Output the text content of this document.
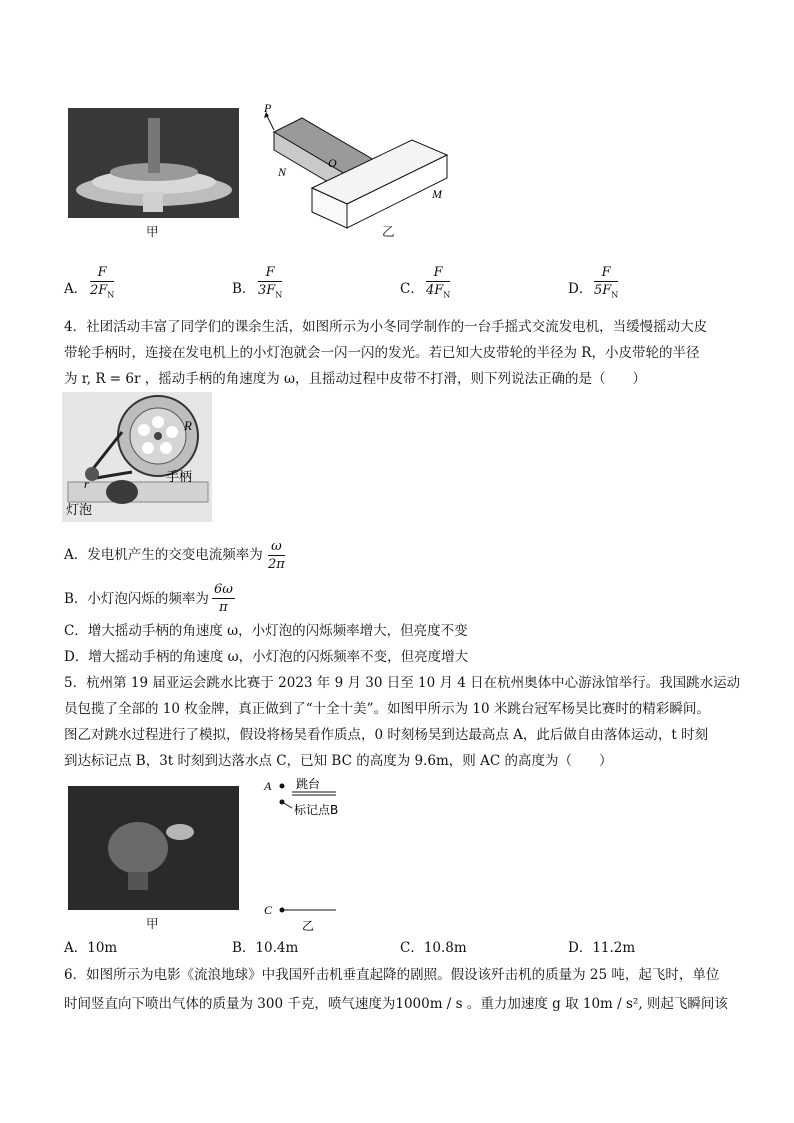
甲
P
O
N
M
乙
A． $\frac{F}{2F_N}$	B． $\frac{F}{3F_N}$	C． $\frac{F}{4F_N}$	D． $\frac{F}{5F_N}$
4．社团活动丰富了同学们的课余生活，如图所示为小冬同学制作的一台手摇式交流发电机，当缓慢摇动大皮
带轮手柄时，连接在发电机上的小灯泡就会一闪一闪的发光。若已知大皮带轮的半径为 R，小皮带轮的半径
为 r, R = 6r ，摇动手柄的角速度为 ω，且摇动过程中皮带不打滑，则下列说法正确的是（　　）
R
手柄
r
灯泡
A．发电机产生的交变电流频率为 $\frac{\omega}{2\pi}$
B．小灯泡闪烁的频率为 $\frac{6\omega}{\pi}$
C．增大摇动手柄的角速度 ω，小灯泡的闪烁频率增大，但亮度不变
D．增大摇动手柄的角速度 ω，小灯泡的闪烁频率不变，但亮度增大
5．杭州第 19 届亚运会跳水比赛于 2023 年 9 月 30 日至 10 月 4 日在杭州奥体中心游泳馆举行。我国跳水运动
员包揽了全部的 10 枚金牌，真正做到了“十全十美”。如图甲所示为 10 米跳台冠军杨昊比赛时的精彩瞬间。
图乙对跳水过程进行了模拟，假设将杨昊看作质点，0 时刻杨昊到达最高点 A，此后做自由落体运动，t 时刻
到达标记点 B，3t 时刻到达落水点 C，已知 BC 的高度为 9.6m，则 AC 的高度为（　　）
甲
A 跳台
标记点B
C
乙
A．10m	B．10.4m	C．10.8m	D．11.2m
6．如图所示为电影《流浪地球》中我国歼击机垂直起降的剧照。假设该歼击机的质量为 25 吨，起飞时，单位
时间竖直向下喷出气体的质量为 300 千克，喷气速度为1000m / s 。重力加速度 g 取 10m / s², 则起飞瞬间该
